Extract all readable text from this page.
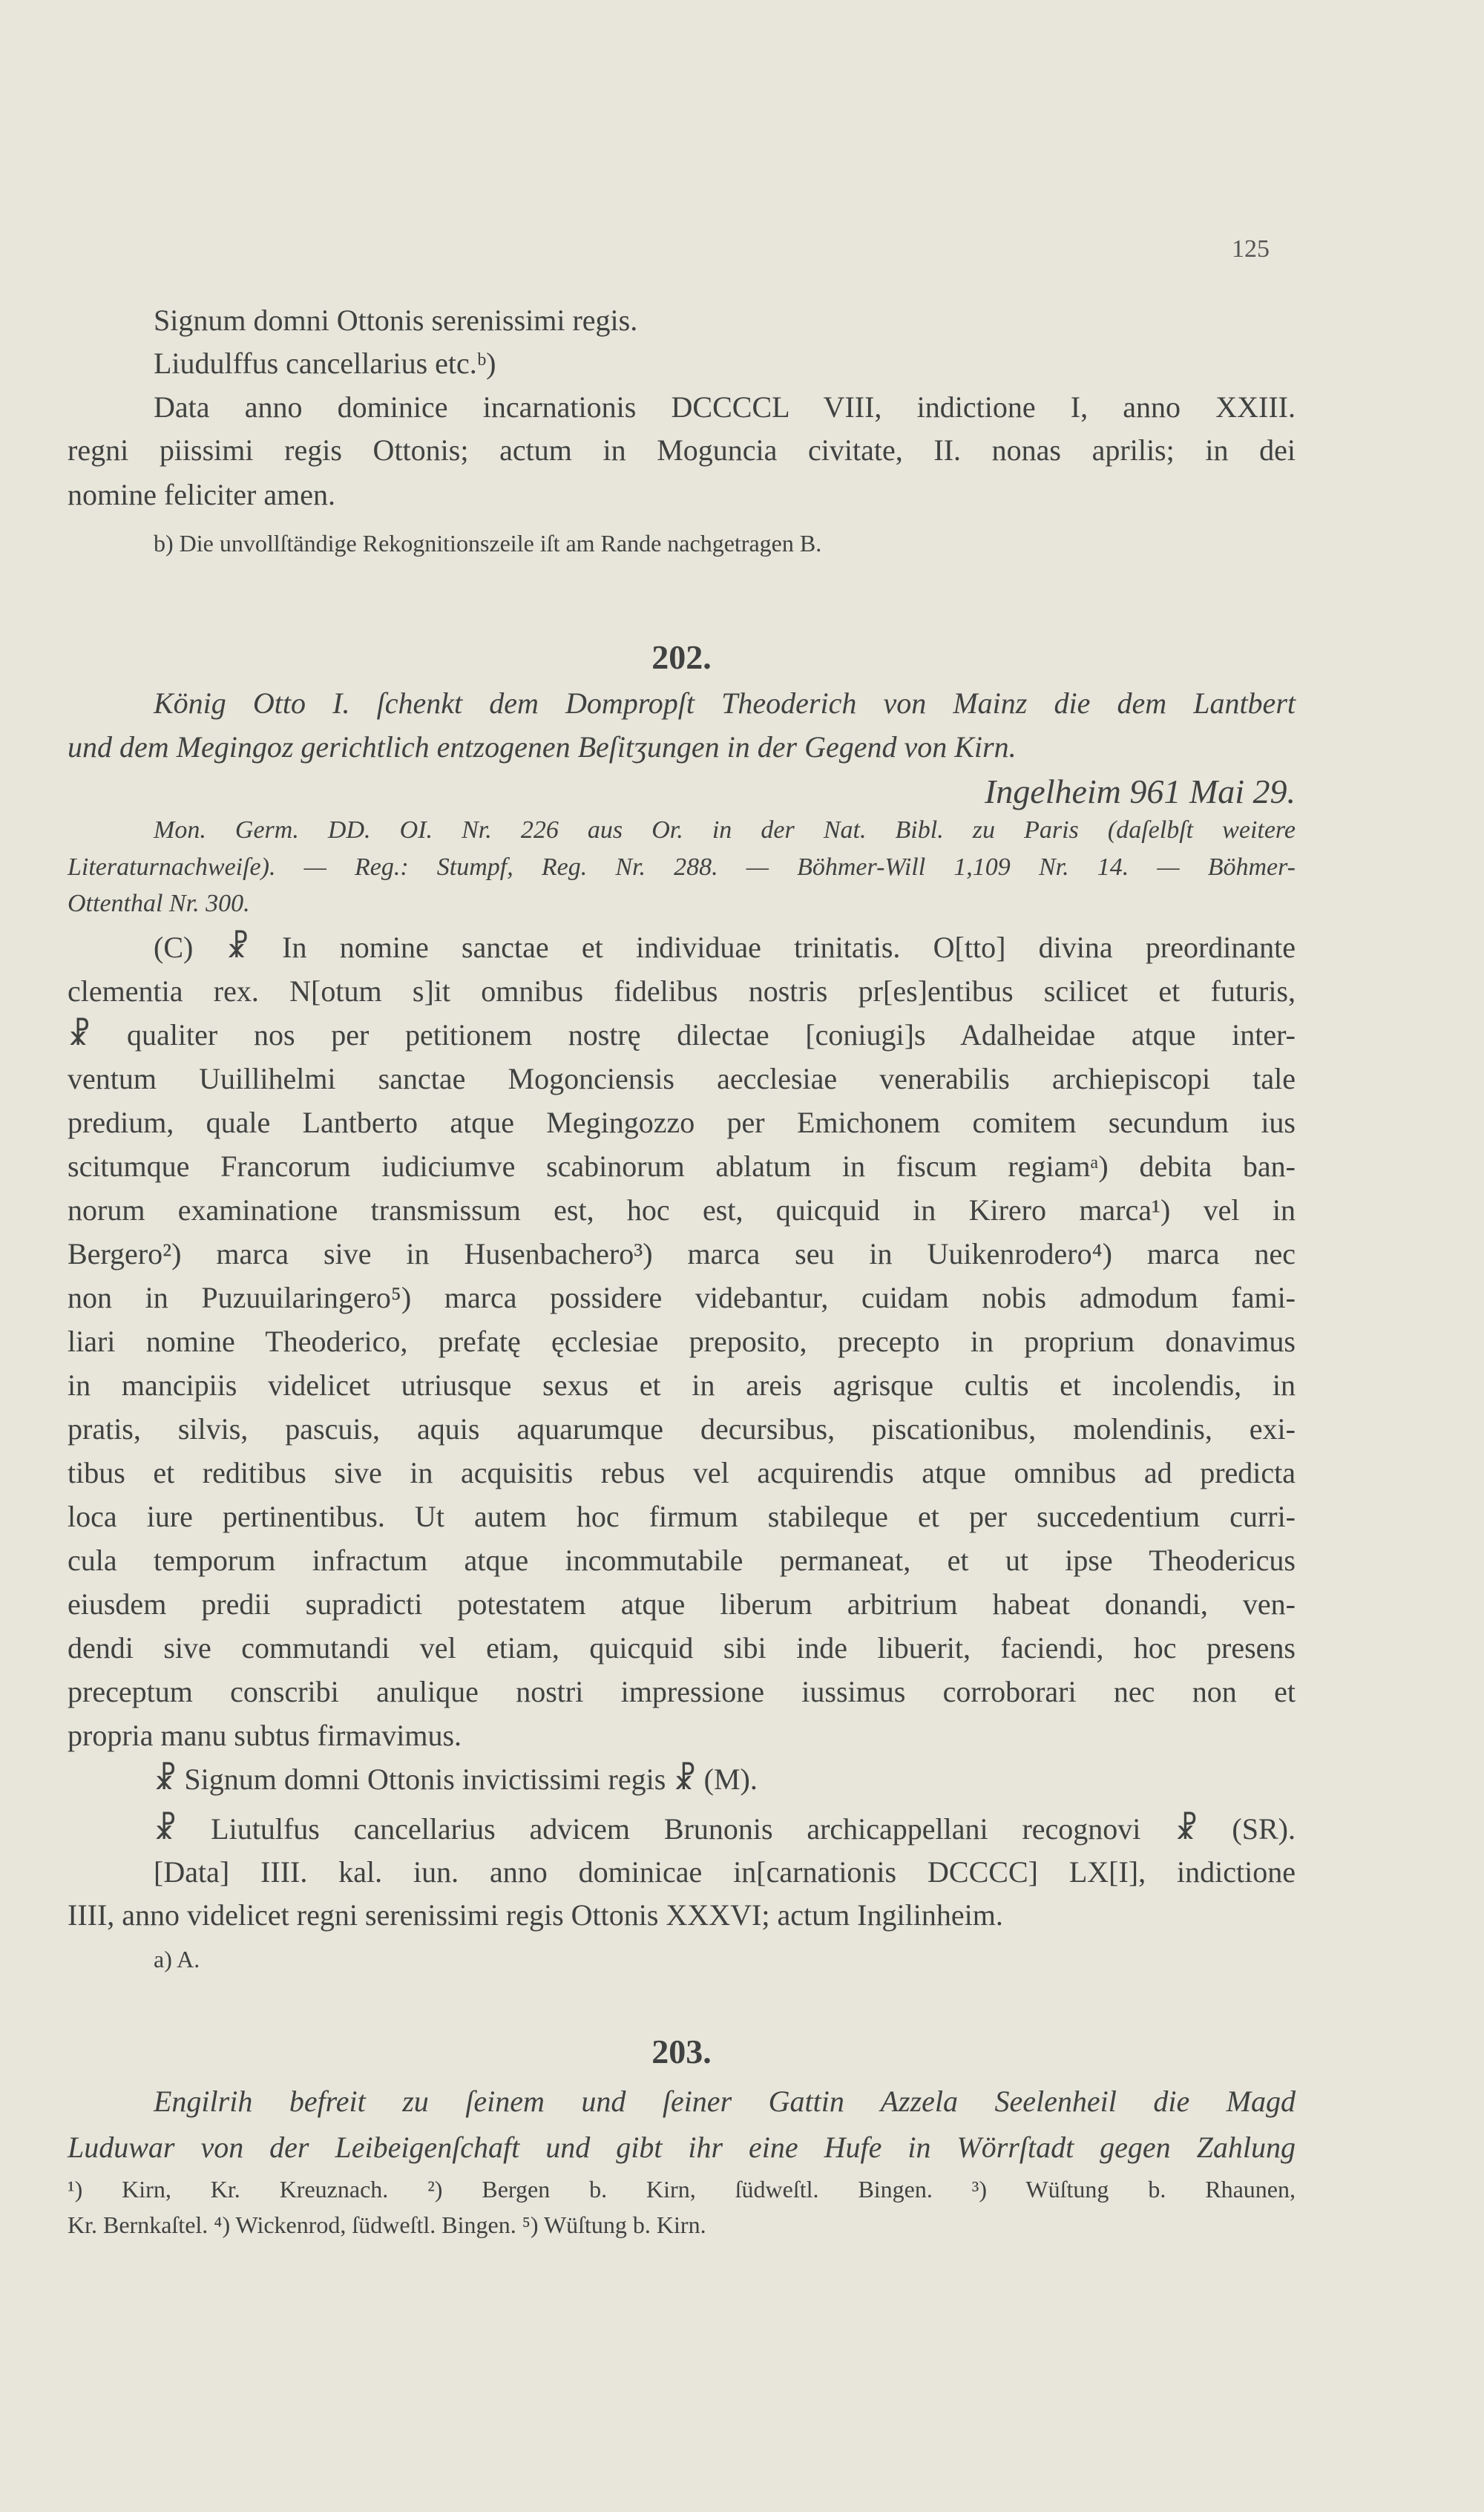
125
Signum domni Ottonis serenissimi regis.
Liudulffus cancellarius etc.ᵇ)
Data anno dominice incarnationis DCCCCL VIII, indictione I, anno XXIII.
regni piissimi regis Ottonis; actum in Moguncia civitate, II. nonas aprilis; in dei
nomine feliciter amen.
b) Die unvollſtändige Rekognitionszeile iſt am Rande nachgetragen B.
202.
König Otto I. ſchenkt dem Dompropſt Theoderich von Mainz die dem Lantbert
und dem Megingoz gerichtlich entzogenen Beſitʒungen in der Gegend von Kirn.
Ingelheim 961 Mai 29.
Mon. Germ. DD. OI. Nr. 226 aus Or. in der Nat. Bibl. zu Paris (daſelbſt weitere
Literaturnachweiſe). — Reg.: Stumpf, Reg. Nr. 288. — Böhmer-Will 1,109 Nr. 14. — Böhmer-
Ottenthal Nr. 300.
(C) ☧ In nomine sanctae et individuae trinitatis. O[tto] divina preordinante
clementia rex. N[otum s]it omnibus fidelibus nostris pr[es]entibus scilicet et futuris,
☧ qualiter nos per petitionem nostrę dilectae [coniugi]s Adalheidae atque inter-
ventum Uuillihelmi sanctae Mogonciensis aecclesiae venerabilis archiepiscopi tale
predium, quale Lantberto atque Megingozzo per Emichonem comitem secundum ius
scitumque Francorum iudiciumve scabinorum ablatum in fiscum regiamᵃ) debita ban-
norum examinatione transmissum est, hoc est, quicquid in Kirero marca¹) vel in
Bergero²) marca sive in Husenbachero³) marca seu in Uuikenrodero⁴) marca nec
non in Puzuuilaringero⁵) marca possidere videbantur, cuidam nobis admodum fami-
liari nomine Theoderico, prefatę ęcclesiae preposito, precepto in proprium donavimus
in mancipiis videlicet utriusque sexus et in areis agrisque cultis et incolendis, in
pratis, silvis, pascuis, aquis aquarumque decursibus, piscationibus, molendinis, exi-
tibus et reditibus sive in acquisitis rebus vel acquirendis atque omnibus ad predicta
loca iure pertinentibus. Ut autem hoc firmum stabileque et per succedentium curri-
cula temporum infractum atque incommutabile permaneat, et ut ipse Theodericus
eiusdem predii supradicti potestatem atque liberum arbitrium habeat donandi, ven-
dendi sive commutandi vel etiam, quicquid sibi inde libuerit, faciendi, hoc presens
preceptum conscribi anulique nostri impressione iussimus corroborari nec non et
propria manu subtus firmavimus.
☧ Signum domni Ottonis invictissimi regis ☧ (M).
☧ Liutulfus cancellarius advicem Brunonis archicappellani recognovi ☧ (SR).
[Data] IIII. kal. iun. anno dominicae in[carnationis DCCCC] LX[I], indictione
IIII, anno videlicet regni serenissimi regis Ottonis XXXVI; actum Ingilinheim.
a) A.
203.
Engilrih befreit zu ſeinem und ſeiner Gattin Azzela Seelenheil die Magd
Luduwar von der Leibeigenſchaft und gibt ihr eine Hufe in Wörrſtadt gegen Zahlung
¹) Kirn, Kr. Kreuznach. ²) Bergen b. Kirn, ſüdweſtl. Bingen. ³) Wüſtung b. Rhaunen,
Kr. Bernkaſtel. ⁴) Wickenrod, ſüdweſtl. Bingen. ⁵) Wüſtung b. Kirn.
